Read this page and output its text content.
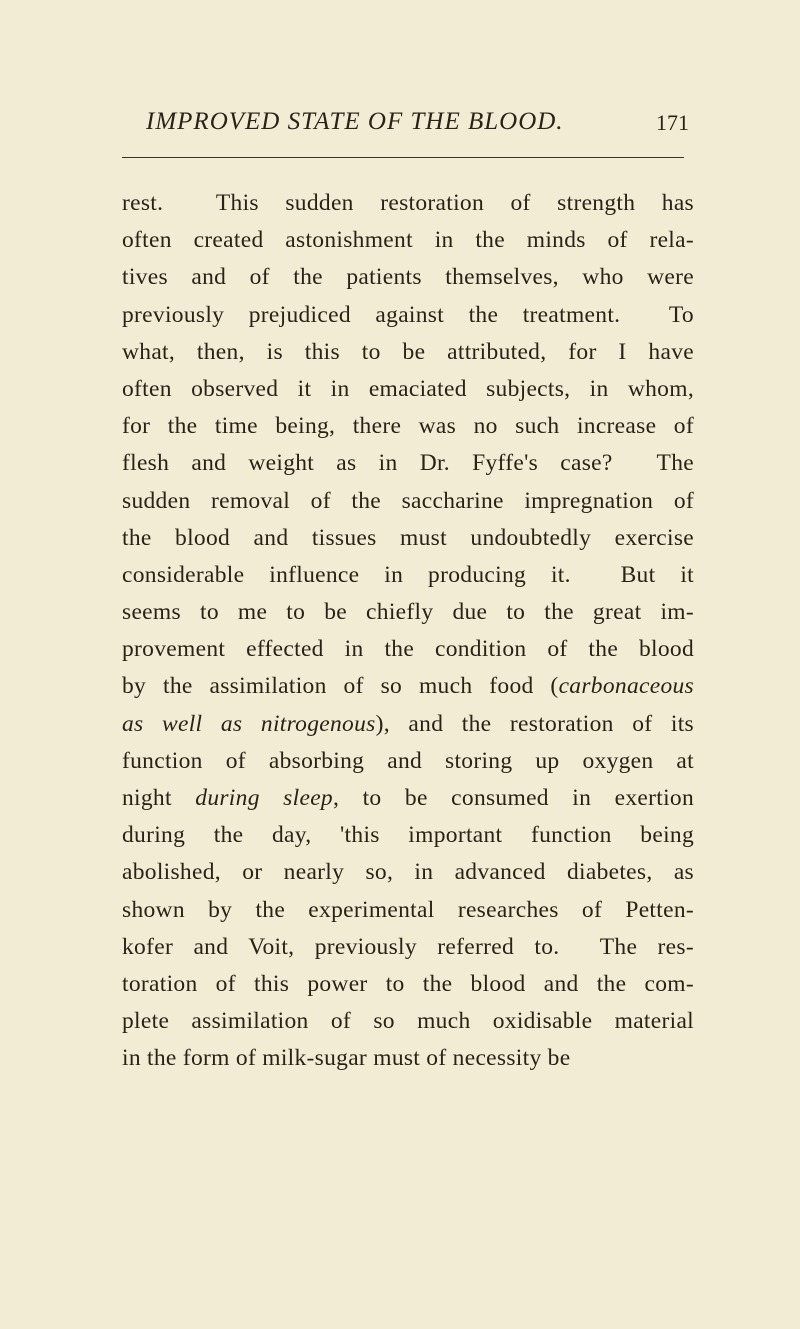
IMPROVED STATE OF THE BLOOD.	171
rest.  This sudden restoration of strength has
often created astonishment in the minds of rela-
tives and of the patients themselves, who were
previously prejudiced against the treatment.  To
what, then, is this to be attributed, for I have
often observed it in emaciated subjects, in whom,
for the time being, there was no such increase of
flesh and weight as in Dr. Fyffe's case?  The
sudden removal of the saccharine impregnation of
the blood and tissues must undoubtedly exercise
considerable influence in producing it.  But it
seems to me to be chiefly due to the great im-
provement effected in the condition of the blood
by the assimilation of so much food (carbonaceous
as well as nitrogenous), and the restoration of its
function of absorbing and storing up oxygen at
night during sleep, to be consumed in exertion
during the day, 'this important function being
abolished, or nearly so, in advanced diabetes, as
shown by the experimental researches of Petten-
kofer and Voit, previously referred to.  The res-
toration of this power to the blood and the com-
plete assimilation of so much oxidisable material
in the form of milk-sugar must of necessity be
